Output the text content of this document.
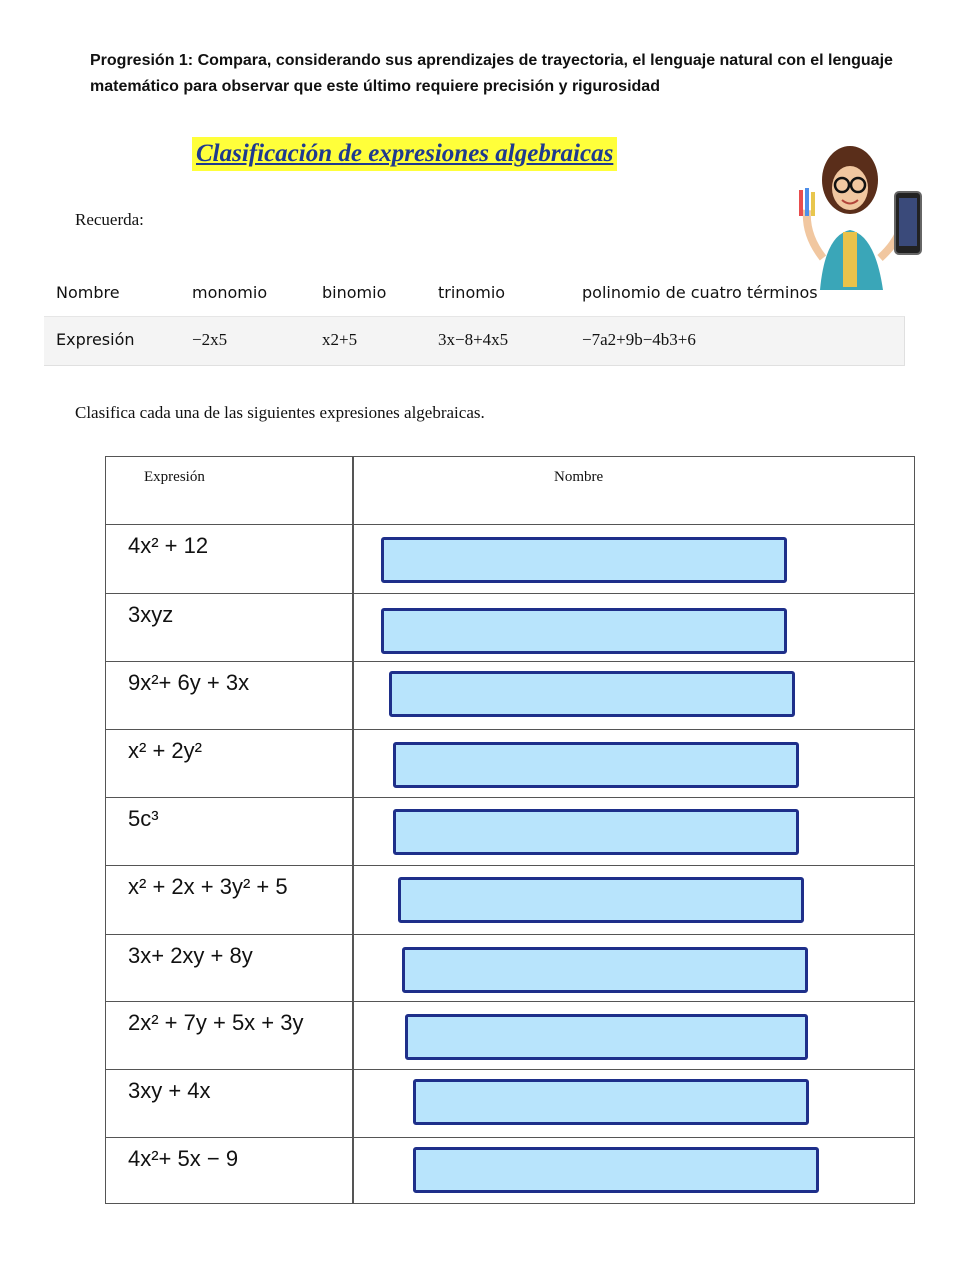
Progresión 1: Compara, considerando sus aprendizajes de trayectoria, el lenguaje natural con el lenguaje matemático para observar que este último requiere precisión y rigurosidad
Clasificación de expresiones algebraicas
Recuerda:
Nombre	monomio	binomio	trinomio	polinomio de cuatro términos
Expresión	−2x5	x2+5	3x−8+4x5	−7a2+9b−4b3+6
Clasifica cada una de las siguientes expresiones algebraicas.
Expresión	Nombre
4x² + 12
3xyz
9x²+ 6y + 3x
x² + 2y²
5c³
x² + 2x + 3y² + 5
3x+ 2xy + 8y
2x² + 7y + 5x + 3y
3xy + 4x
4x²+ 5x − 9
